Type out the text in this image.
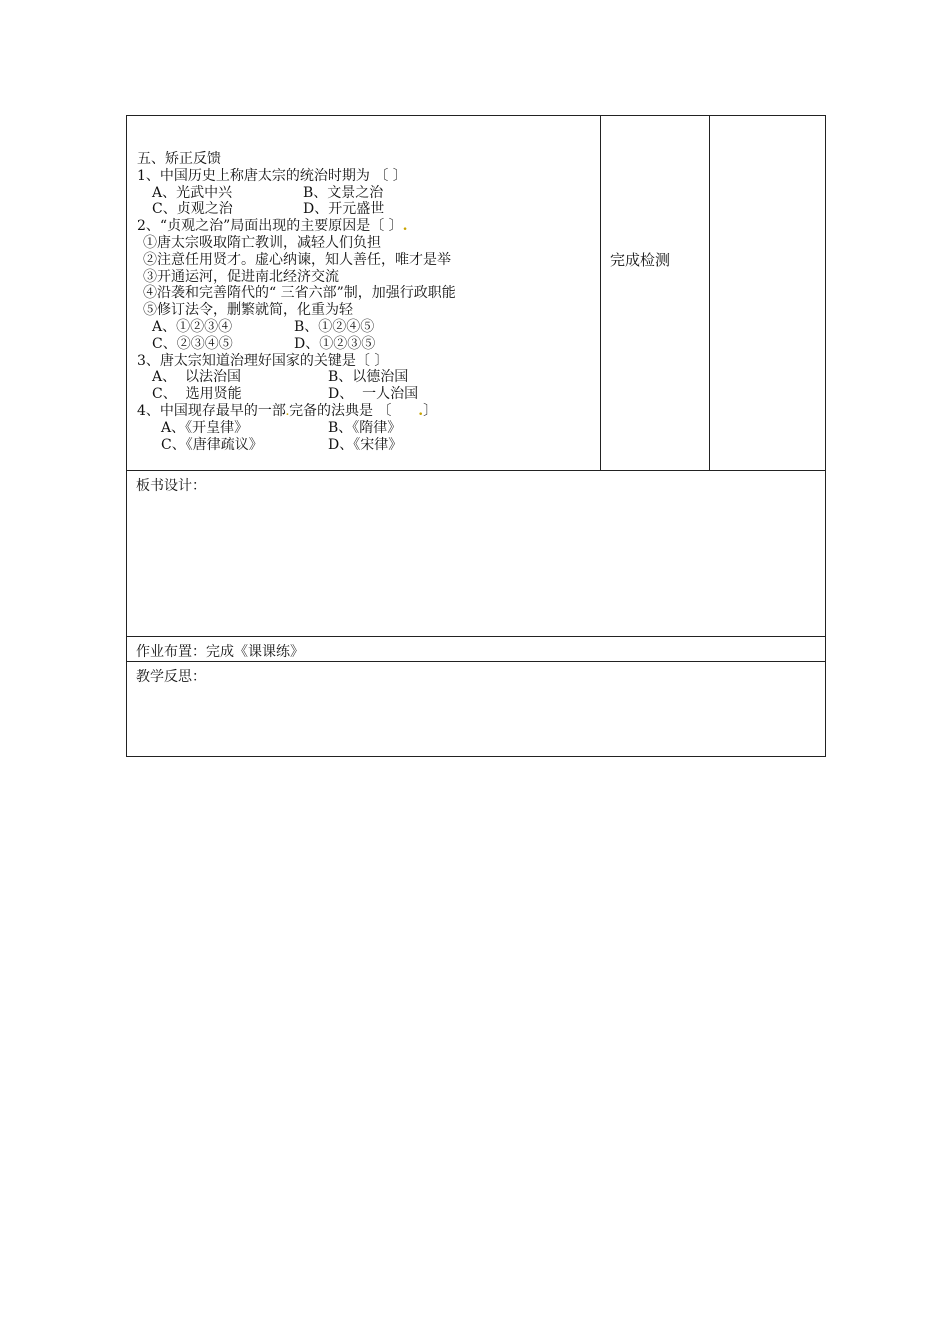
五、矫正反馈
1、中国历史上称唐太宗的统治时期为 〔 〕
A、光武中兴	B、文景之治
C、贞观之治	D、开元盛世
2、“贞观之治”局面出现的主要原因是〔 〕.
①唐太宗吸取隋亡教训，减轻人们负担
②注意任用贤才。虚心纳谏，知人善任，唯才是举
③开通运河，促进南北经济交流
④沿袭和完善隋代的“ 三省六部”制，加强行政职能
⑤修订法令，删繁就简，化重为轻
A、①②③④	B、①②④⑤
C、②③④⑤	D、①②③⑤
3、唐太宗知道治理好国家的关键是〔 〕
A、  以法治国	B、以德治国
C、  选用贤能	D、  一人治国
4、中国现存最早的一部.完备的法典是 〔      .〕
A、《开皇律》	B、《隋律》
C、《唐律疏议》	D、《宋律》

完成检测

板书设计：

作业布置：完成《课课练》

教学反思：
